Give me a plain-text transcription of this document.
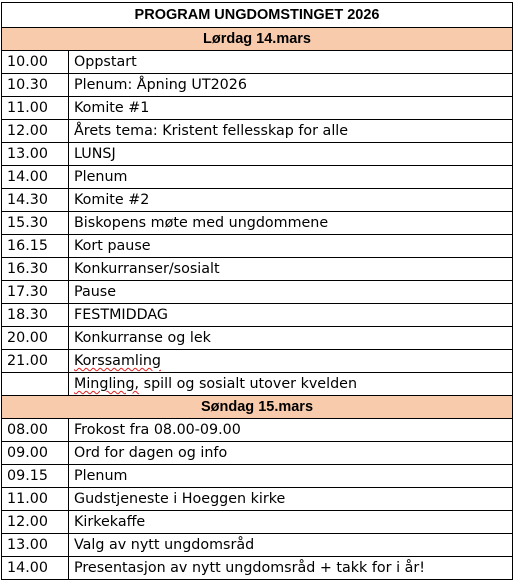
PROGRAM UNGDOMSTINGET 2026	
Lørdag 14.mars	
10.00	Oppstart
10.30	Plenum: Åpning UT2026
11.00	Komite #1
12.00	Årets tema: Kristent fellesskap for alle
13.00	LUNSJ
14.00	Plenum
14.30	Komite #2
15.30	Biskopens møte med ungdommene
16.15	Kort pause
16.30	Konkurranser/sosialt
17.30	Pause
18.30	FESTMIDDAG
20.00	Konkurranse og lek
21.00	Korssamling
	Mingling, spill og sosialt utover kvelden
Søndag 15.mars	
08.00	Frokost fra 08.00-09.00
09.00	Ord for dagen og info
09.15	Plenum
11.00	Gudstjeneste i Hoeggen kirke
12.00	Kirkekaffe
13.00	Valg av nytt ungdomsråd
14.00	Presentasjon av nytt ungdomsråd + takk for i år!
